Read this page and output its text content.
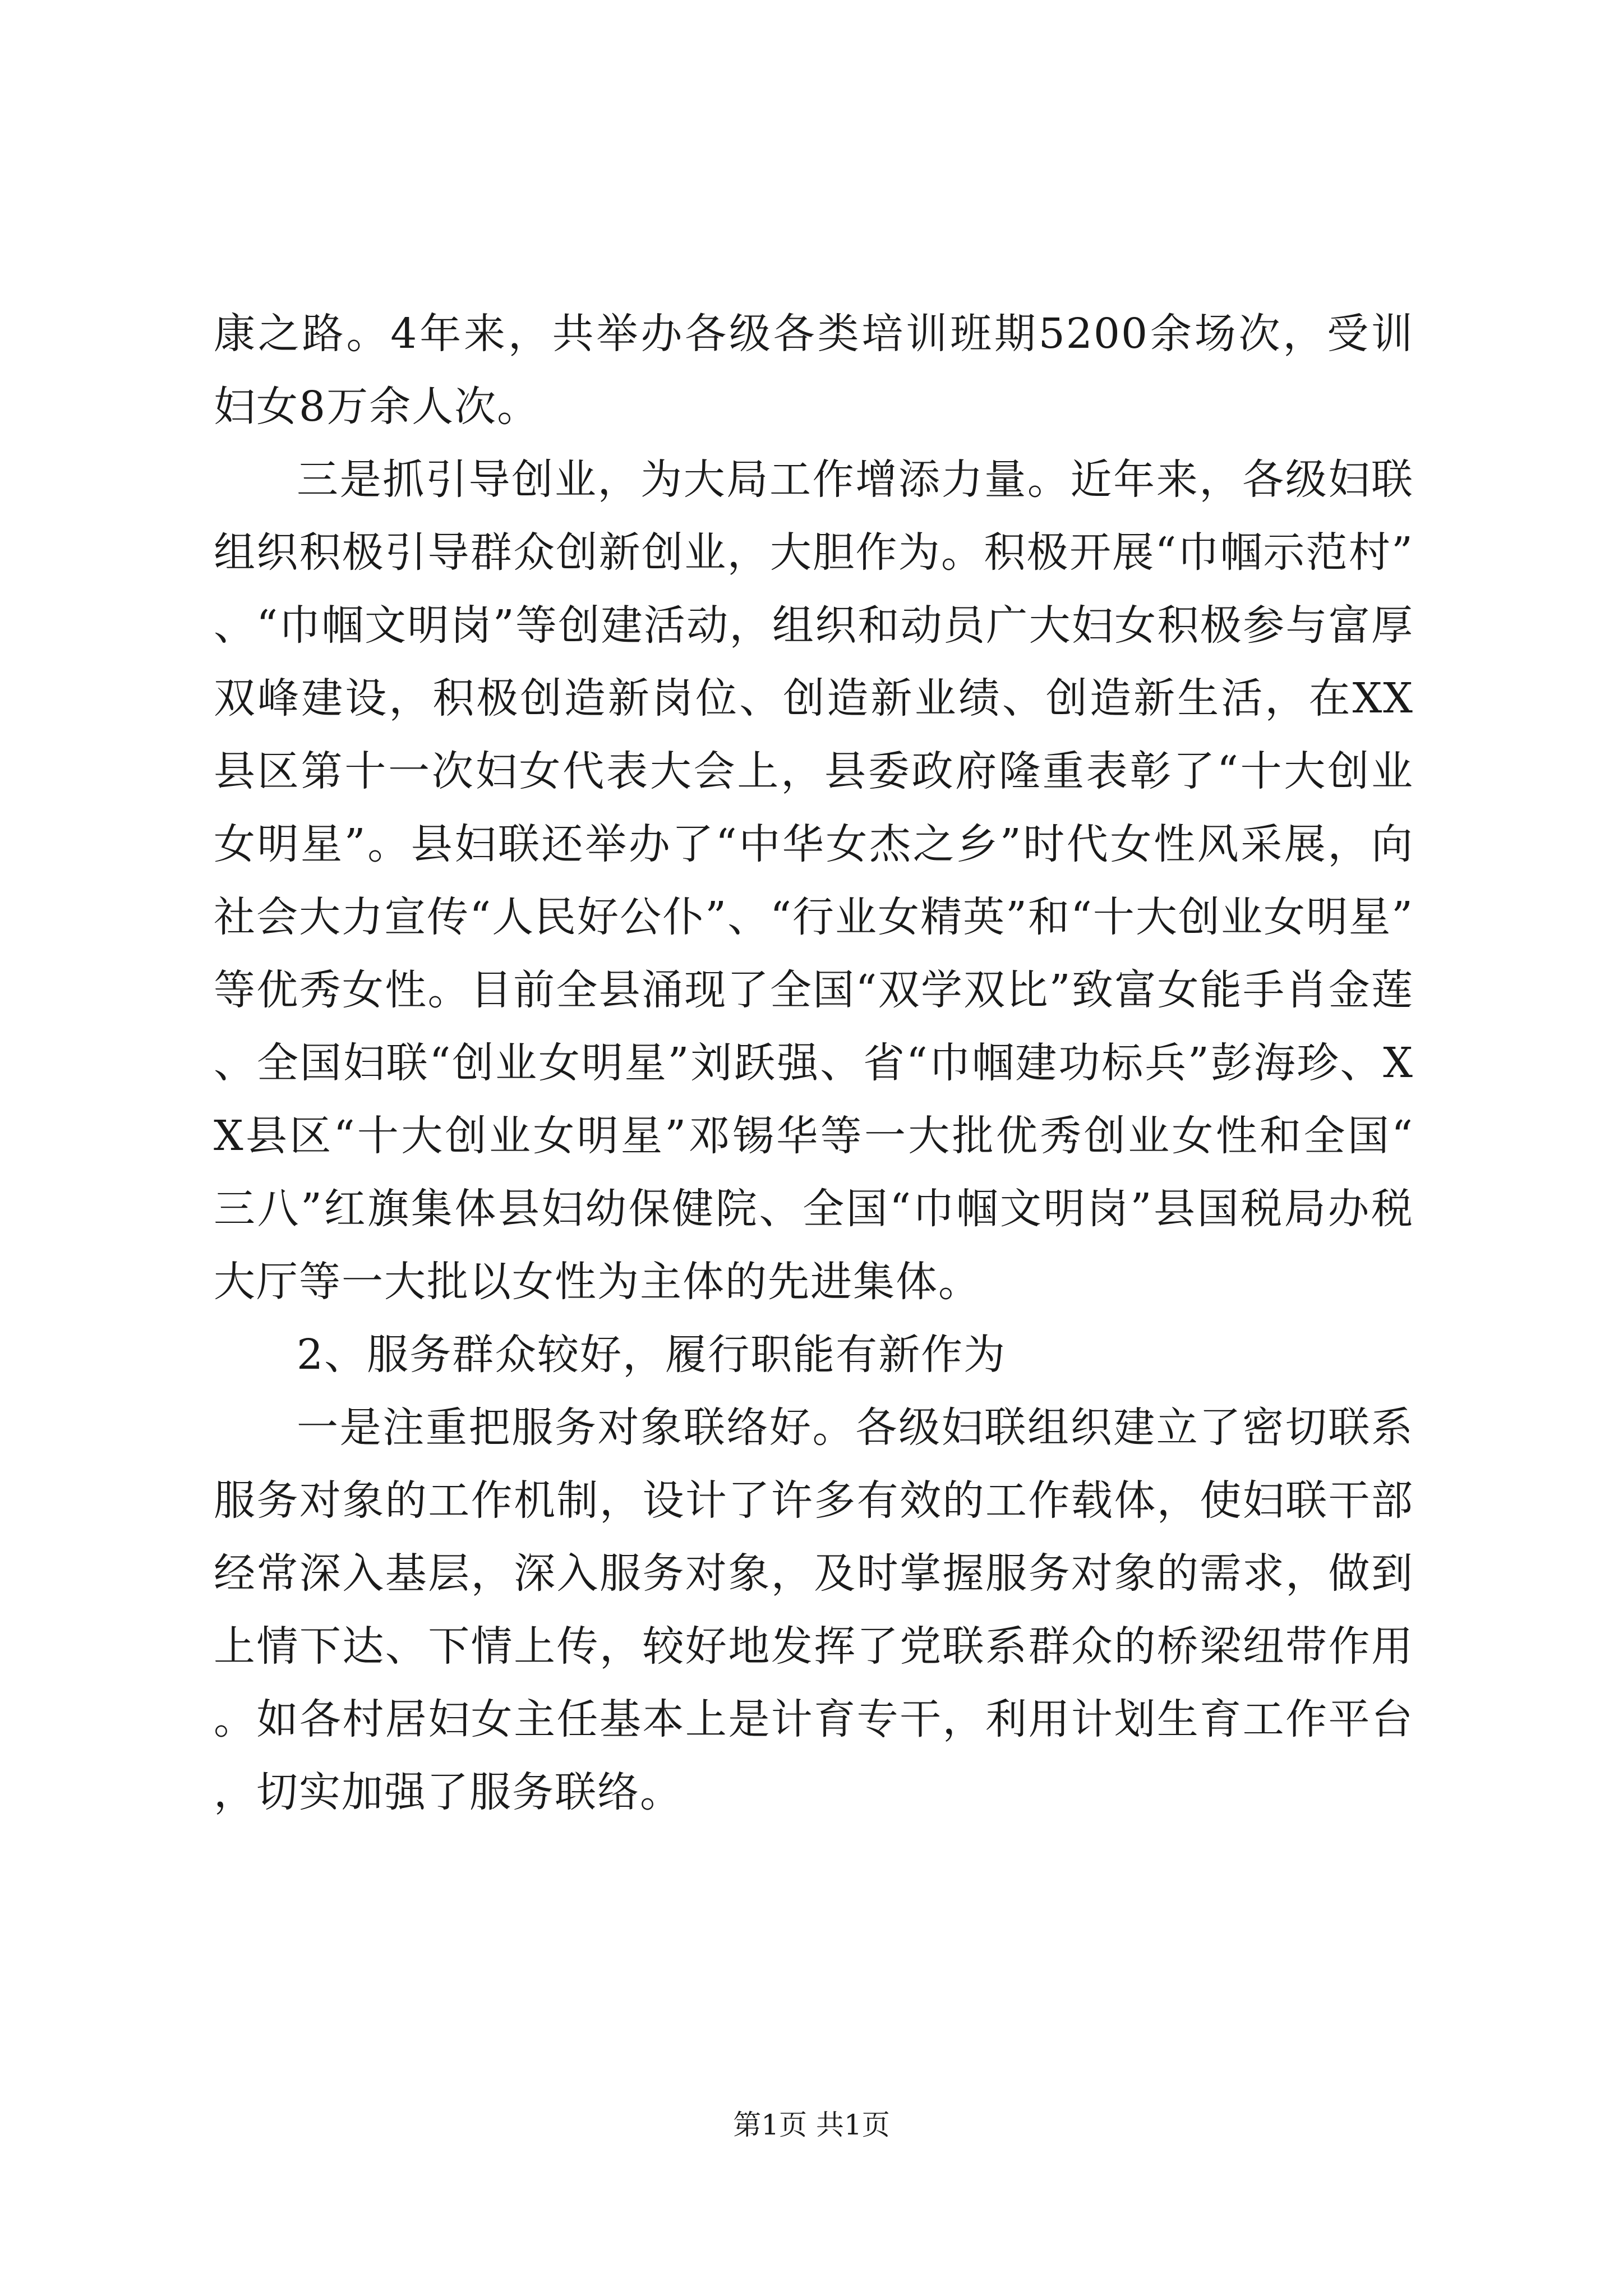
康之路。4年来，共举办各级各类培训班期5200余场次，受训妇女8万余人次。

三是抓引导创业，为大局工作增添力量。近年来，各级妇联组织积极引导群众创新创业，大胆作为。积极开展“巾帼示范村”、“巾帼文明岗”等创建活动，组织和动员广大妇女积极参与富厚双峰建设，积极创造新岗位、创造新业绩、创造新生活，在XX县区第十一次妇女代表大会上，县委政府隆重表彰了“十大创业女明星”。县妇联还举办了“中华女杰之乡”时代女性风采展，向社会大力宣传“人民好公仆”、“行业女精英”和“十大创业女明星”等优秀女性。目前全县涌现了全国“双学双比”致富女能手肖金莲、全国妇联“创业女明星”刘跃强、省“巾帼建功标兵”彭海珍、XX县区“十大创业女明星”邓锡华等一大批优秀创业女性和全国“三八”红旗集体县妇幼保健院、全国“巾帼文明岗”县国税局办税大厅等一大批以女性为主体的先进集体。

2、服务群众较好，履行职能有新作为

一是注重把服务对象联络好。各级妇联组织建立了密切联系服务对象的工作机制，设计了许多有效的工作载体，使妇联干部经常深入基层，深入服务对象，及时掌握服务对象的需求，做到上情下达、下情上传，较好地发挥了党联系群众的桥梁纽带作用。如各村居妇女主任基本上是计育专干，利用计划生育工作平台，切实加强了服务联络。

第1页 共1页
